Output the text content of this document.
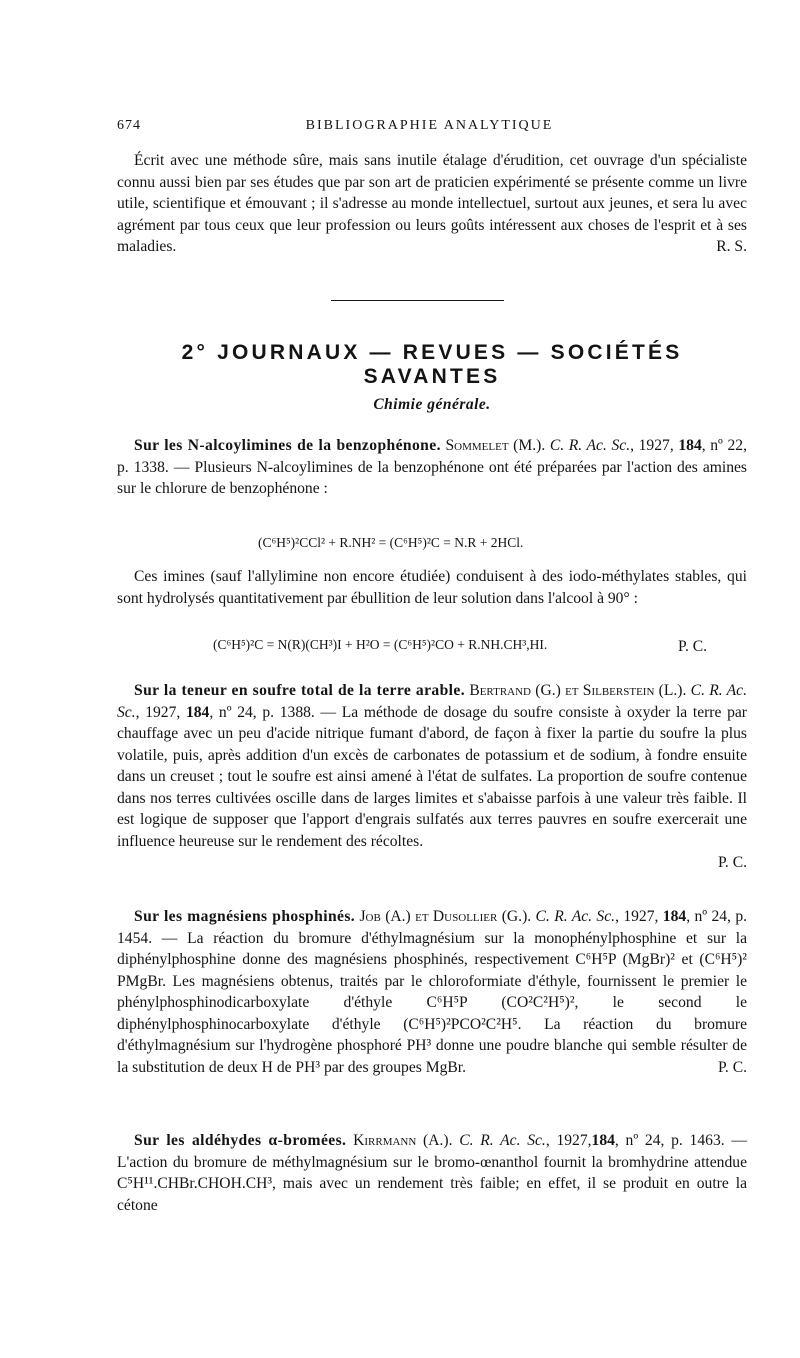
674	BIBLIOGRAPHIE ANALYTIQUE
Écrit avec une méthode sûre, mais sans inutile étalage d'érudition, cet ouvrage d'un spécialiste connu aussi bien par ses études que par son art de praticien expérimenté se présente comme un livre utile, scientifique et émouvant ; il s'adresse au monde intellectuel, surtout aux jeunes, et sera lu avec agrément par tous ceux que leur profession ou leurs goûts intéressent aux choses de l'esprit et à ses maladies.	R. S.
2° JOURNAUX — REVUES — SOCIÉTÉS SAVANTES
Chimie générale.
Sur les N-alcoylimines de la benzophénone. Sommelet (M.). C. R. Ac. Sc., 1927, 184, nº 22, p. 1338. — Plusieurs N-alcoylimines de la benzophénone ont été préparées par l'action des amines sur le chlorure de benzophénone :
(C⁶H⁵)²CCl² + R.NH² = (C⁶H⁵)²C = N.R + 2HCl.
Ces imines (sauf l'allylimine non encore étudiée) conduisent à des iodo-méthylates stables, qui sont hydrolysés quantitativement par ébullition de leur solution dans l'alcool à 90° :
(C⁶H⁵)²C = N(R)(CH³)I + H²O = (C⁶H⁵)²CO + R.NH.CH³,HI.	P. C.
Sur la teneur en soufre total de la terre arable. Bertrand (G.) et Silberstein (L.). C. R. Ac. Sc., 1927, 184, nº 24, p. 1388. — La méthode de dosage du soufre consiste à oxyder la terre par chauffage avec un peu d'acide nitrique fumant d'abord, de façon à fixer la partie du soufre la plus volatile, puis, après addition d'un excès de carbonates de potassium et de sodium, à fondre ensuite dans un creuset ; tout le soufre est ainsi amené à l'état de sulfates. La proportion de soufre contenue dans nos terres cultivées oscille dans de larges limites et s'abaisse parfois à une valeur très faible. Il est logique de supposer que l'apport d'engrais sulfatés aux terres pauvres en soufre exercerait une influence heureuse sur le rendement des récoltes.
P. C.
Sur les magnésiens phosphinés. Job (A.) et Dusollier (G.). C. R. Ac. Sc., 1927, 184, nº 24, p. 1454. — La réaction du bromure d'éthylmagnésium sur la monophénylphosphine et sur la diphénylphosphine donne des magnésiens phosphinés, respectivement C⁶H⁵P (MgBr)² et (C⁶H⁵)² PMgBr. Les magnésiens obtenus, traités par le chloroformiate d'éthyle, fournissent le premier le phénylphosphinodicarboxylate d'éthyle C⁶H⁵P (CO²C²H⁵)², le second le diphénylphosphinocarboxylate d'éthyle (C⁶H⁵)²PCO²C²H⁵. La réaction du bromure d'éthylmagnésium sur l'hydrogène phosphoré PH³ donne une poudre blanche qui semble résulter de la substitution de deux H de PH³ par des groupes MgBr.	P. C.
Sur les aldéhydes α-bromées. Kirrmann (A.). C. R. Ac. Sc., 1927,184, nº 24, p. 1463. — L'action du bromure de méthylmagnésium sur le bromo-œnanthol fournit la bromhydrine attendue C⁵H¹¹.CHBr.CHOH.CH³, mais avec un rendement très faible; en effet, il se produit en outre la cétone
